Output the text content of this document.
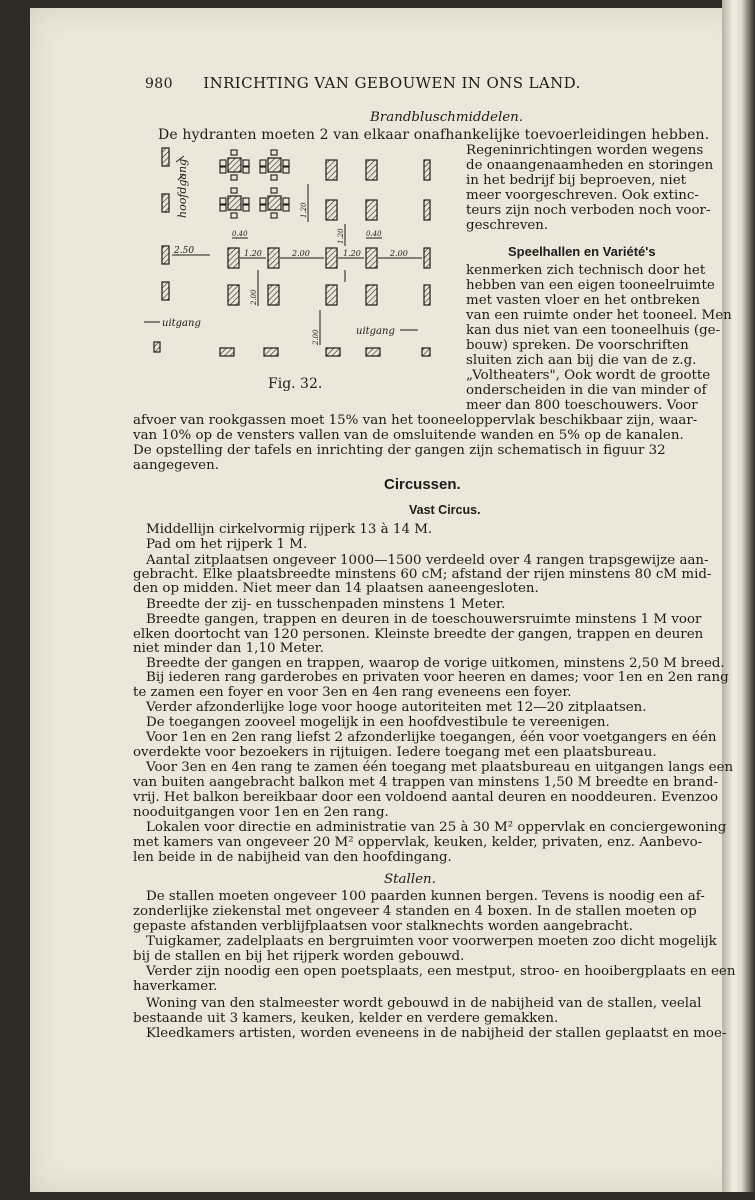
980 INRICHTING VAN GEBOUWEN IN ONS LAND.
Brandbluschmiddelen.
De hydranten moeten 2 van elkaar onafhankelijke toevoerleidingen hebben.
Regeninrichtingen worden wegens
de onaangenaamheden en storingen
in het bedrijf bij beproeven, niet
meer voorgeschreven. Ook extinc-
teurs zijn noch verboden noch voor-
geschreven.
Speelhallen en Variété's
kenmerken zich technisch door het
hebben van een eigen tooneelruimte
met vasten vloer en het ontbreken
van een ruimte onder het tooneel. Men
kan dus niet van een tooneelhuis (ge-
bouw) spreken. De voorschriften
sluiten zich aan bij die van de z.g.
„Voltheaters", Ook wordt de grootte
onderscheiden in die van minder of
meer dan 800 toeschouwers. Voor
afvoer van rookgassen moet 15% van het tooneeloppervlak beschikbaar zijn, waar-
van 10% op de vensters vallen van de omsluitende wanden en 5% op de kanalen.
De opstelling der tafels en inrichting der gangen zijn schematisch in figuur 32
aangegeven.
hoofdgang
2.50	1.20	2.00	1.20	2.00
0.40	0.40
1.20
2.00
2.00
1.20
uitgang
uitgang
Fig. 32.
Circussen.
Vast Circus.
Middellijn cirkelvormig rijperk 13 à 14 M.
Pad om het rijperk 1 M.
Aantal zitplaatsen ongeveer 1000—1500 verdeeld over 4 rangen trapsgewijze aan-
gebracht. Elke plaatsbreedte minstens 60 cM; afstand der rijen minstens 80 cM mid-
den op midden. Niet meer dan 14 plaatsen aaneengesloten.
Breedte der zij- en tusschenpaden minstens 1 Meter.
Breedte gangen, trappen en deuren in de toeschouwersruimte minstens 1 M voor
elken doortocht van 120 personen. Kleinste breedte der gangen, trappen en deuren
niet minder dan 1,10 Meter.
Breedte der gangen en trappen, waarop de vorige uitkomen, minstens 2,50 M breed.
Bij iederen rang garderobes en privaten voor heeren en dames; voor 1en en 2en rang
te zamen een foyer en voor 3en en 4en rang eveneens een foyer.
Verder afzonderlijke loge voor hooge autoriteiten met 12—20 zitplaatsen.
De toegangen zooveel mogelijk in een hoofdvestibule te vereenigen.
Voor 1en en 2en rang liefst 2 afzonderlijke toegangen, één voor voetgangers en één
overdekte voor bezoekers in rijtuigen. Iedere toegang met een plaatsbureau.
Voor 3en en 4en rang te zamen één toegang met plaatsbureau en uitgangen langs een
van buiten aangebracht balkon met 4 trappen van minstens 1,50 M breedte en brand-
vrij. Het balkon bereikbaar door een voldoend aantal deuren en nooddeuren. Evenzoo
nooduitgangen voor 1en en 2en rang.
Lokalen voor directie en administratie van 25 à 30 M² oppervlak en conciergewoning
met kamers van ongeveer 20 M² oppervlak, keuken, kelder, privaten, enz. Aanbevo-
len beide in de nabijheid van den hoofdingang.
Stallen.
De stallen moeten ongeveer 100 paarden kunnen bergen. Tevens is noodig een af-
zonderlijke ziekenstal met ongeveer 4 standen en 4 boxen. In de stallen moeten op
gepaste afstanden verblijfplaatsen voor stalknechts worden aangebracht.
Tuigkamer, zadelplaats en bergruimten voor voorwerpen moeten zoo dicht mogelijk
bij de stallen en bij het rijperk worden gebouwd.
Verder zijn noodig een open poetsplaats, een mestput, stroo- en hooibergplaats en een
haverkamer.
Woning van den stalmeester wordt gebouwd in de nabijheid van de stallen, veelal
bestaande uit 3 kamers, keuken, kelder en verdere gemakken.
Kleedkamers artisten, worden eveneens in de nabijheid der stallen geplaatst en moe-
